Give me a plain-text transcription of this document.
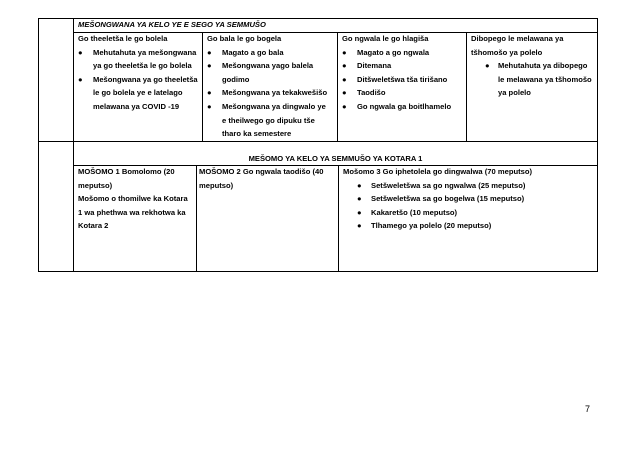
MEŠONGWANA YA KELO YE E SEGO YA SEMMUŠO
Go theeletša le go bolela
● Mehutahuta ya mešongwana
ya go theeletša le go bolela
● Mešongwana ya go theeletša
le go bolela ye e latelago
melawana ya COVID -19
Go bala le go bogela
● Magato a go bala
● Mešongwana yago balela
godimo
● Mešongwana ya tekakwešišo
● Mešongwana ya dingwalo ye
e theilwego go dipuku tše
tharo ka semestere
Go ngwala le go hlagiša
● Magato a go ngwala
● Ditemana
● Ditšweletšwa tša tirišano
● Taodišo
● Go ngwala ga boitlhamelo
Dibopego le melawana ya
tšhomošo ya polelo
● Mehutahuta ya dibopego
le melawana ya tšhomošo
ya polelo
MEŠOMO YA KELO YA SEMMUŠO YA KOTARA 1
MOŠOMO 1 Bomolomo (20
meputso)
Mošomo o thomilwe ka Kotara
1 wa phethwa wa rekhotwa ka
Kotara 2
MOŠOMO 2 Go ngwala taodišo (40
meputso)
Mošomo 3 Go iphetolela go dingwalwa (70 meputso)
● Setšweletšwa sa go ngwalwa (25 meputso)
● Setšweletšwa sa go bogelwa (15 meputso)
● Kakaretšo (10 meputso)
● Tlhamego ya polelo (20 meputso)
7
